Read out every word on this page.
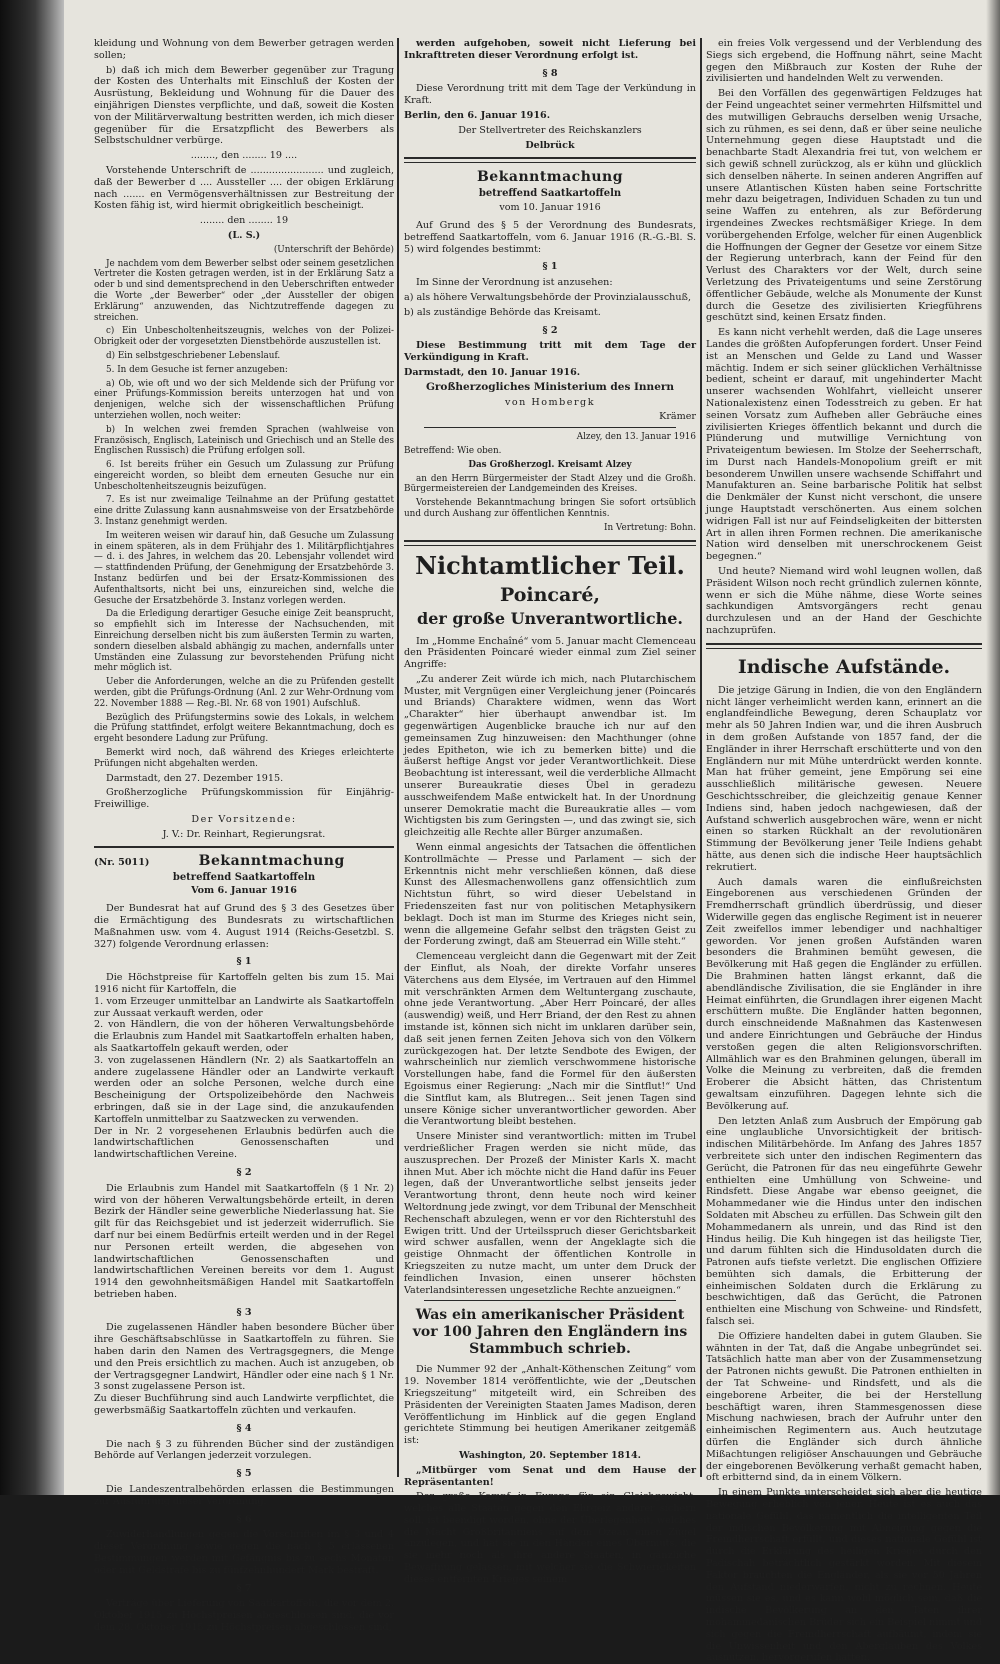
kleidung und Wohnung von dem Bewerber getragen werden sollen;

b) daß ich mich dem Bewerber gegenüber zur Tragung der Kosten des Unterhalts mit Einschluß der Kosten der Ausrüstung, Bekleidung und Wohnung für die Dauer des einjährigen Dienstes verpflichte, und daß, soweit die Kosten von der Militärverwaltung bestritten werden, ich mich dieser gegenüber für die Ersatzpflicht des Bewerbers als Selbstschuldner verbürge.

........, den ........ 19 ....

Vorstehende Unterschrift de ........................ und zugleich, daß der Bewerber d .... Aussteller .... der obigen Erklärung nach ....... en Vermögensverhältnissen zur Bestreitung der Kosten fähig ist, wird hiermit obrigkeitlich bescheinigt.

........ den ........ 19

(L. S.)

(Unterschrift der Behörde)

Je nachdem vom dem Bewerber selbst oder seinem gesetzlichen Vertreter die Kosten getragen werden, ist in der Erklärung Satz a oder b und sind dementsprechend in den Ueberschriften entweder die Worte „der Bewerber“ oder „der Aussteller der obigen Erklärung“ anzuwenden, das Nichtzutreffende dagegen zu streichen.

c) Ein Unbescholtenheitszeugnis, welches von der Polizei-Obrigkeit oder der vorgesetzten Dienstbehörde auszustellen ist.

d) Ein selbstgeschriebener Lebenslauf.

5. In dem Gesuche ist ferner anzugeben:

a) Ob, wie oft und wo der sich Meldende sich der Prüfung vor einer Prüfungs-Kommission bereits unterzogen hat und von denjenigen, welche sich der wissenschaftlichen Prüfung unterziehen wollen, noch weiter:

b) In welchen zwei fremden Sprachen (wahlweise von Französisch, Englisch, Lateinisch und Griechisch und an Stelle des Englischen Russisch) die Prüfung erfolgen soll.

6. Ist bereits früher ein Gesuch um Zulassung zur Prüfung eingereicht worden, so bleibt dem erneuten Gesuche nur ein Unbescholtenheitszeugnis beizufügen.

7. Es ist nur zweimalige Teilnahme an der Prüfung gestattet eine dritte Zulassung kann ausnahmsweise von der Ersatzbehörde 3. Instanz genehmigt werden.

Im weiteren weisen wir darauf hin, daß Gesuche um Zulassung in einem späteren, als in dem Frühjahr des 1. Militärpflichtjahres — d. i. des Jahres, in welchem das 20. Lebensjahr vollendet wird — stattfindenden Prüfung, der Genehmigung der Ersatzbehörde 3. Instanz bedürfen und bei der Ersatz-Kommissionen des Aufenthaltsorts, nicht bei uns, einzureichen sind, welche die Gesuche der Ersatzbehörde 3. Instanz vorlegen werden.

Da die Erledigung derartiger Gesuche einige Zeit beansprucht, so empfiehlt sich im Interesse der Nachsuchenden, mit Einreichung derselben nicht bis zum äußersten Termin zu warten, sondern dieselben alsbald abhängig zu machen, andernfalls unter Umständen eine Zulassung zur bevorstehenden Prüfung nicht mehr möglich ist.

Ueber die Anforderungen, welche an die zu Prüfenden gestellt werden, gibt die Prüfungs-Ordnung (Anl. 2 zur Wehr-Ordnung vom 22. November 1888 — Reg.-Bl. Nr. 68 von 1901) Aufschluß.

Bezüglich des Prüfungstermins sowie des Lokals, in welchem die Prüfung stattfindet, erfolgt weitere Bekanntmachung, doch es ergeht besondere Ladung zur Prüfung.

Bemerkt wird noch, daß während des Krieges erleichterte Prüfungen nicht abgehalten werden.

Darmstadt, den 27. Dezember 1915.

Großherzogliche Prüfungskommission für Einjährig-Freiwillige.

Der Vorsitzende:

J. V.: Dr. Reinhart, Regierungsrat.

(Nr. 5011)	Bekanntmachung

betreffend Saatkartoffeln

Vom 6. Januar 1916

Der Bundesrat hat auf Grund des § 3 des Gesetzes über die Ermächtigung des Bundesrats zu wirtschaftlichen Maßnahmen usw. vom 4. August 1914 (Reichs-Gesetzbl. S. 327) folgende Verordnung erlassen:

§ 1

Die Höchstpreise für Kartoffeln gelten bis zum 15. Mai 1916 nicht für Kartoffeln, die
1. vom Erzeuger unmittelbar an Landwirte als Saatkartoffeln zur Aussaat verkauft werden, oder
2. von Händlern, die von der höheren Verwaltungsbehörde die Erlaubnis zum Handel mit Saatkartoffeln erhalten haben, als Saatkartoffeln gekauft werden, oder
3. von zugelassenen Händlern (Nr. 2) als Saatkartoffeln an andere zugelassene Händler oder an Landwirte verkauft werden oder an solche Personen, welche durch eine Bescheinigung der Ortspolizeibehörde den Nachweis erbringen, daß sie in der Lage sind, die anzukaufenden Kartoffeln unmittelbar zu Saatzwecken zu verwenden.
Der in Nr. 2 vorgesehenen Erlaubnis bedürfen auch die landwirtschaftlichen Genossenschaften und landwirtschaftlichen Vereine.

§ 2

Die Erlaubnis zum Handel mit Saatkartoffeln (§ 1 Nr. 2) wird von der höheren Verwaltungsbehörde erteilt, in deren Bezirk der Händler seine gewerbliche Niederlassung hat. Sie gilt für das Reichsgebiet und ist jederzeit widerruflich. Sie darf nur bei einem Bedürfnis erteilt werden und in der Regel nur Personen erteilt werden, die abgesehen von landwirtschaftlichen Genossenschaften und landwirtschaftlichen Vereinen bereits vor dem 1. August 1914 den gewohnheitsmäßigen Handel mit Saatkartoffeln betrieben haben.

§ 3

Die zugelassenen Händler haben besondere Bücher über ihre Geschäftsabschlüsse in Saatkartoffeln zu führen. Sie haben darin den Namen des Vertragsgegners, die Menge und den Preis ersichtlich zu machen. Auch ist anzugeben, ob der Vertragsgegner Landwirt, Händler oder eine nach § 1 Nr. 3 sonst zugelassene Person ist.
Zu dieser Buchführung sind auch Landwirte verpflichtet, die gewerbsmäßig Saatkartoffeln züchten und verkaufen.

§ 4

Die nach § 3 zu führenden Bücher sind der zuständigen Behörde auf Verlangen jederzeit vorzulegen.

§ 5

Die Landeszentralbehörden erlassen die Bestimmungen zur Ausführung dieser Verordnung.

§ 6

Zuwiderhandlungen gegen die Vorschriften im § 3 und 4 dieser Verordnung sowie gegen die nach § 5 erlassenen Bestimmungen werden mit Gefängnis bis zu sechs Monaten oder mit Geldstrafe bis zu fünfzehnhundert Mark bestraft.

§ 7

Verträge über Lieferung von Saatkartoffeln, die vor dem 2. Oktober 1915 zu Höchstpreisen abgeschlossen sind, die vor dem 28. Oktober 1915 zu Höchstpreisen abgeschlossen sind,

werden aufgehoben, soweit nicht Lieferung bei Inkrafttreten dieser Verordnung erfolgt ist.

§ 8

Diese Verordnung tritt mit dem Tage der Verkündung in Kraft.

Berlin, den 6. Januar 1916.

Der Stellvertreter des Reichskanzlers

Delbrück

Bekanntmachung

betreffend Saatkartoffeln

vom 10. Januar 1916

Auf Grund des § 5 der Verordnung des Bundesrats, betreffend Saatkartoffeln, vom 6. Januar 1916 (R.-G.-Bl. S. 5) wird folgendes bestimmt:

§ 1

Im Sinne der Verordnung ist anzusehen:

a) als höhere Verwaltungsbehörde der Provinzialausschuß,

b) als zuständige Behörde das Kreisamt.

§ 2

Diese Bestimmung tritt mit dem Tage der Verkündigung in Kraft.

Darmstadt, den 10. Januar 1916.

Großherzogliches Ministerium des Innern

von Hombergk

Krämer

Alzey, den 13. Januar 1916

Betreffend: Wie oben.

Das Großherzogl. Kreisamt Alzey

an den Herrn Bürgermeister der Stadt Alzey und die Großh. Bürgermeistereien der Landgemeinden des Kreises.

Vorstehende Bekanntmachung bringen Sie sofort ortsüblich und durch Aushang zur öffentlichen Kenntnis.

In Vertretung: Bohn.

Nichtamtlicher Teil.

Poincaré,

der große Unverantwortliche.

Im „Homme Enchaîné“ vom 5. Januar macht Clemenceau den Präsidenten Poincaré wieder einmal zum Ziel seiner Angriffe:

„Zu anderer Zeit würde ich mich, nach Plutarchischem Muster, mit Vergnügen einer Vergleichung jener (Poincarés und Briands) Charaktere widmen, wenn das Wort „Charakter“ hier überhaupt anwendbar ist. Im gegenwärtigen Augenblicke brauche ich nur auf den gemeinsamen Zug hinzuweisen: den Machthunger (ohne jedes Epitheton, wie ich zu bemerken bitte) und die äußerst heftige Angst vor jeder Verantwortlichkeit. Diese Beobachtung ist interessant, weil die verderbliche Allmacht unserer Bureaukratie dieses Übel in geradezu ausschweifendem Maße entwickelt hat. In der Unordnung unserer Demokratie macht die Bureaukratie alles — vom Wichtigsten bis zum Geringsten —, und das zwingt sie, sich gleichzeitig alle Rechte aller Bürger anzumaßen.

Wenn einmal angesichts der Tatsachen die öffentlichen Kontrollmächte — Presse und Parlament — sich der Erkenntnis nicht mehr verschließen können, daß diese Kunst des Allesmachenwollens ganz offensichtlich zum Nichtstun führt, so wird dieser Uebelstand in Friedenszeiten fast nur von politischen Metaphysikern beklagt. Doch ist man im Sturme des Krieges nicht sein, wenn die allgemeine Gefahr selbst den trägsten Geist zu der Forderung zwingt, daß am Steuerrad ein Wille steht.“

Clemenceau vergleicht dann die Gegenwart mit der Zeit der Einflut, als Noah, der direkte Vorfahr unseres Väterchens aus dem Elysée, im Vertrauen auf den Himmel mit verschränkten Armen dem Weltuntergang zuschaute, ohne jede Verantwortung. „Aber Herr Poincaré, der alles (auswendig) weiß, und Herr Briand, der den Rest zu ahnen imstande ist, können sich nicht im unklaren darüber sein, daß seit jenen fernen Zeiten Jehova sich von den Völkern zurückgezogen hat. Der letzte Sendbote des Ewigen, der wahrscheinlich nur ziemlich verschwommene historische Vorstellungen habe, fand die Formel für den äußersten Egoismus einer Regierung: „Nach mir die Sintflut!“ Und die Sintflut kam, als Blutregen... Seit jenen Tagen sind unsere Könige sicher unverantwortlicher geworden. Aber die Verantwortung bleibt bestehen.

Unsere Minister sind verantwortlich: mitten im Trubel verdrießlicher Fragen werden sie nicht müde, das auszusprechen. Der Prozeß der Minister Karls X. macht ihnen Mut. Aber ich möchte nicht die Hand dafür ins Feuer legen, daß der Unverantwortliche selbst jenseits jeder Verantwortung thront, denn heute noch wird keiner Weltordnung jede zwingt, vor dem Tribunal der Menschheit Rechenschaft abzulegen, wenn er vor den Richterstuhl des Ewigen tritt. Und der Urteilsspruch dieser Gerichtsbarkeit wird schwer ausfallen, wenn der Angeklagte sich die geistige Ohnmacht der öffentlichen Kontrolle in Kriegszeiten zu nutze macht, um unter dem Druck der feindlichen Invasion, einen unserer höchsten Vaterlandsinteressen ungesetzliche Rechte anzueignen.“

Was ein amerikanischer Präsident vor 100 Jahren den Engländern ins Stammbuch schrieb.

Die Nummer 92 der „Anhalt-Köthenschen Zeitung“ vom 19. November 1814 veröffentlichte, wie der „Deutschen Kriegszeitung“ mitgeteilt wird, ein Schreiben des Präsidenten der Vereinigten Staaten James Madison, deren Veröffentlichung im Hinblick auf die gegen England gerichtete Stimmung bei heutigen Amerikaner zeitgemäß ist:

Washington, 20. September 1814.

„Mitbürger vom Senat und dem Hause der Repräsentanten!

Der große Kampf in Europa für ein Gleichgewicht, welches alle Staaten gegen den Ehrgeiz anderer sichern soll, ist beendigt worden, ohne der Überlegenheit, welches die Macht Großbritanniens auf dem Ozean einen Zügel anzulegen, und hat sie in den Händen eines Übermuts, die sie mehr noch als ihre andere Staaten, in gänzliche Bewaffnung gelassen, mit welcher sie die Schwierigkeiten dieses entfernten Krieges seinem

ein freies Volk vergessend und der Verblendung des Siegs sich ergebend, die Hoffnung nährt, seine Macht gegen den Mißbrauch zur Kosten der Ruhe der zivilisierten und handelnden Welt zu verwenden.

Bei den Vorfällen des gegenwärtigen Feldzuges hat der Feind ungeachtet seiner vermehrten Hilfsmittel und des mutwilligen Gebrauchs derselben wenig Ursache, sich zu rühmen, es sei denn, daß er über seine neuliche Unternehmung gegen diese Hauptstadt und die benachbarte Stadt Alexandria frei tut, von welchem er sich gewiß schnell zurückzog, als er kühn und glücklich sich denselben näherte. In seinen anderen Angriffen auf unsere Atlantischen Küsten haben seine Fortschritte mehr dazu beigetragen, Individuen Schaden zu tun und seine Waffen zu entehren, als zur Beförderung irgendeines Zweckes rechtsmäßiger Kriege. In dem vorübergehenden Erfolge, welcher für einen Augenblick die Hoffnungen der Gegner der Gesetze vor einem Sitze der Regierung unterbrach, kann der Feind für den Verlust des Charakters vor der Welt, durch seine Verletzung des Privateigentums und seine Zerstörung öffentlicher Gebäude, welche als Monumente der Kunst durch die Gesetze des zivilisierten Kriegführens geschützt sind, keinen Ersatz finden.

Es kann nicht verhehlt werden, daß die Lage unseres Landes die größten Aufopferungen fordert. Unser Feind ist an Menschen und Gelde zu Land und Wasser mächtig. Indem er sich seiner glücklichen Verhältnisse bedient, scheint er darauf, mit ungehinderter Macht unserer wachsenden Wohlfahrt, vielleicht unserer Nationalexistenz einen Todesstreich zu geben. Er hat seinen Vorsatz zum Aufheben aller Gebräuche eines zivilisierten Krieges öffentlich bekannt und durch die Plünderung und mutwillige Vernichtung von Privateigentum bewiesen. Im Stolze der Seeherrschaft, im Durst nach Handels-Monopolium greift er mit besonderem Unwillen unsere wachsende Schiffahrt und Manufakturen an. Seine barbarische Politik hat selbst die Denkmäler der Kunst nicht verschont, die unsere junge Hauptstadt verschönerten. Aus einem solchen widrigen Fall ist nur auf Feindseligkeiten der bittersten Art in allen ihren Formen rechnen. Die amerikanische Nation wird denselben mit unerschrockenem Geist begegnen.“

Und heute? Niemand wird wohl leugnen wollen, daß Präsident Wilson noch recht gründlich zulernen könnte, wenn er sich die Mühe nähme, diese Worte seines sachkundigen Amtsvorgängers recht genau durchzulesen und an der Hand der Geschichte nachzuprüfen.

Indische Aufstände.

Die jetzige Gärung in Indien, die von den Engländern nicht länger verheimlicht werden kann, erinnert an die englandfeindliche Bewegung, deren Schauplatz vor mehr als 50 Jahren Indien war, und die ihren Ausbruch in dem großen Aufstande von 1857 fand, der die Engländer in ihrer Herrschaft erschütterte und von den Engländern nur mit Mühe unterdrückt werden konnte. Man hat früher gemeint, jene Empörung sei eine ausschließlich militärische gewesen. Neuere Geschichtsschreiber, die gleichzeitig genaue Kenner Indiens sind, haben jedoch nachgewiesen, daß der Aufstand schwerlich ausgebrochen wäre, wenn er nicht einen so starken Rückhalt an der revolutionären Stimmung der Bevölkerung jener Teile Indiens gehabt hätte, aus denen sich die indische Heer hauptsächlich rekrutiert.

Auch damals waren die einflußreichsten Eingeborenen aus verschiedenen Gründen der Fremdherrschaft gründlich überdrüssig, und dieser Widerwille gegen das englische Regiment ist in neuerer Zeit zweifellos immer lebendiger und nachhaltiger geworden. Vor jenen großen Aufständen waren besonders die Brahminen bemüht gewesen, die Bevölkerung mit Haß gegen die Engländer zu erfüllen. Die Brahminen hatten längst erkannt, daß die abendländische Zivilisation, die sie Engländer in ihre Heimat einführten, die Grundlagen ihrer eigenen Macht erschüttern mußte. Die Engländer hatten begonnen, durch einschneidende Maßnahmen das Kastenwesen und andere Einrichtungen und Gebräuche der Hindus verstoßen gegen die alten Religionsvorschriften. Allmählich war es den Brahminen gelungen, überall im Volke die Meinung zu verbreiten, daß die fremden Eroberer die Absicht hätten, das Christentum gewaltsam einzuführen. Dagegen lehnte sich die Bevölkerung auf.

Den letzten Anlaß zum Ausbruch der Empörung gab eine unglaubliche Unvorsichtigkeit der britisch-indischen Militärbehörde. Im Anfang des Jahres 1857 verbreitete sich unter den indischen Regimentern das Gerücht, die Patronen für das neu eingeführte Gewehr enthielten eine Umhüllung von Schweine- und Rindsfett. Diese Angabe war ebenso geeignet, die Mohammedaner wie die Hindus unter den indischen Soldaten mit Abscheu zu erfüllen. Das Schwein gilt den Mohammedanern als unrein, und das Rind ist den Hindus heilig. Die Kuh hingegen ist das heiligste Tier, und darum fühlten sich die Hindusoldaten durch die Patronen aufs tiefste verletzt. Die englischen Offiziere bemühten sich damals, die Erbitterung der einheimischen Soldaten durch die Erklärung zu beschwichtigen, daß das Gerücht, die Patronen enthielten eine Mischung von Schweine- und Rindsfett, falsch sei.

Die Offiziere handelten dabei in gutem Glauben. Sie wähnten in der Tat, daß die Angabe unbegründet sei. Tatsächlich hatte man aber von der Zusammensetzung der Patronen nichts gewußt. Die Patronen enthielten in der Tat Schweine- und Rindsfett, und als die eingeborene Arbeiter, die bei der Herstellung beschäftigt waren, ihren Stammesgenossen diese Mischung nachwiesen, brach der Aufruhr unter den einheimischen Regimentern aus. Auch heutzutage dürfen die Engländer sich durch ähnliche Mißachtungen religiöser Anschauungen und Gebräuche der eingeborenen Bevölkerung verhaßt gemacht haben, oft erbitternd sind, da in einem Völkern.

In einem Punkte unterscheidet sich aber die heutige Bewegung erheblich von jener. Heute ist es auch das nationale Gefühl, das namentlich die intelligenten Teil der indischen Bevölkerung mit Abneigung gegen die Fremdherrschaft erfüllt, und dieses nationale Gefühl ist durch die Erklärung des heiligen Krieges durch den Padischah beträchtlich gestärkt worden. Mit diesem Faktor brauchten die Engländer, als sie vor 50 Jahren den Aufstand niederwarfen, nicht zu rechnen. Heute müssen sie es, und es kann wohl möglich sein, daß die indische Bevölkerung an den Taten ihrer mohammedanischen Brüder sich ein Beispiel nimmt und sich gegen die Fremdherrschaft aufbäumt, indem sie die Unwissenheit und den Aberglauben des Volkes ausnutzen, hervorgerufen hatten.
